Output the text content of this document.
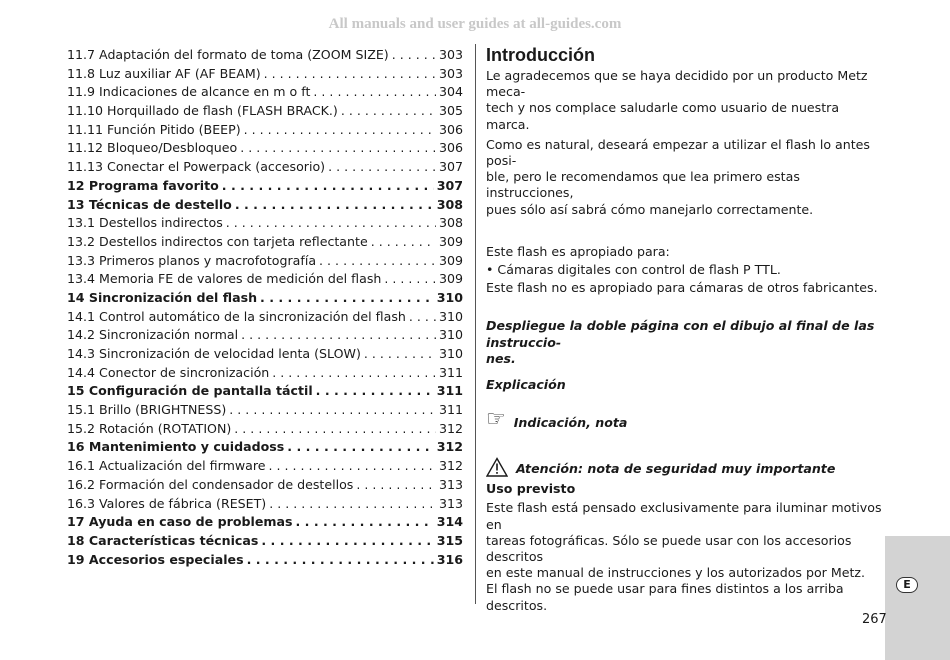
All manuals and user guides at all-guides.com
11.7 Adaptación del formato de toma (ZOOM SIZE) . . .	303
11.8 Luz auxiliar AF (AF BEAM) . . .	303
11.9 Indicaciones de alcance en m o ft . . .	304
11.10 Horquillado de flash (FLASH BRACK.) . . .	305
11.11 Función Pitido (BEEP) . . .	306
11.12 Bloqueo/Desbloqueo . . .	306
11.13 Conectar el Powerpack (accesorio) . . .	307
12 Programa favorito . . .	307
13 Técnicas de destello . . .	308
13.1 Destellos indirectos . . .	308
13.2 Destellos indirectos con tarjeta reflectante . . .	309
13.3 Primeros planos y macrofotografía . . .	309
13.4 Memoria FE de valores de medición del flash . . .	309
14 Sincronización del flash . . .	310
14.1 Control automático de la sincronización del flash . . .	310
14.2 Sincronización normal . . .	310
14.3 Sincronización de velocidad lenta (SLOW) . . .	310
14.4 Conector de sincronización . . .	311
15 Configuración de pantalla táctil . . .	311
15.1 Brillo (BRIGHTNESS) . . .	311
15.2 Rotación (ROTATION) . . .	312
16 Mantenimiento y cuidadoss . . .	312
16.1 Actualización del firmware . . .	312
16.2 Formación del condensador de destellos . . .	313
16.3 Valores de fábrica (RESET) . . .	313
17 Ayuda en caso de problemas . . .	314
18 Características técnicas . . .	315
19 Accesorios especiales . . .	316
Introducción

Le agradecemos que se haya decidido por un producto Metz meca-

tech y nos complace saludarle como usuario de nuestra marca.

Como es natural, deseará empezar a utilizar el flash lo antes posi-

ble, pero le recomendamos que lea primero estas instrucciones,

pues sólo así sabrá cómo manejarlo correctamente.

Este flash es apropiado para:

• Cámaras digitales con control de flash P TTL.

Este flash no es apropiado para cámaras de otros fabricantes.

Despliegue la doble página con el dibujo al final de las instruccio-

nes.

Explicación

☞ Indicación, nota
Atención: nota de seguridad muy importante

Uso previsto

Este flash está pensado exclusivamente para iluminar motivos en

tareas fotográficas. Sólo se puede usar con los accesorios descritos

en este manual de instrucciones y los autorizados por Metz.

El flash no se puede usar para fines distintos a los arriba descritos.

E
267
